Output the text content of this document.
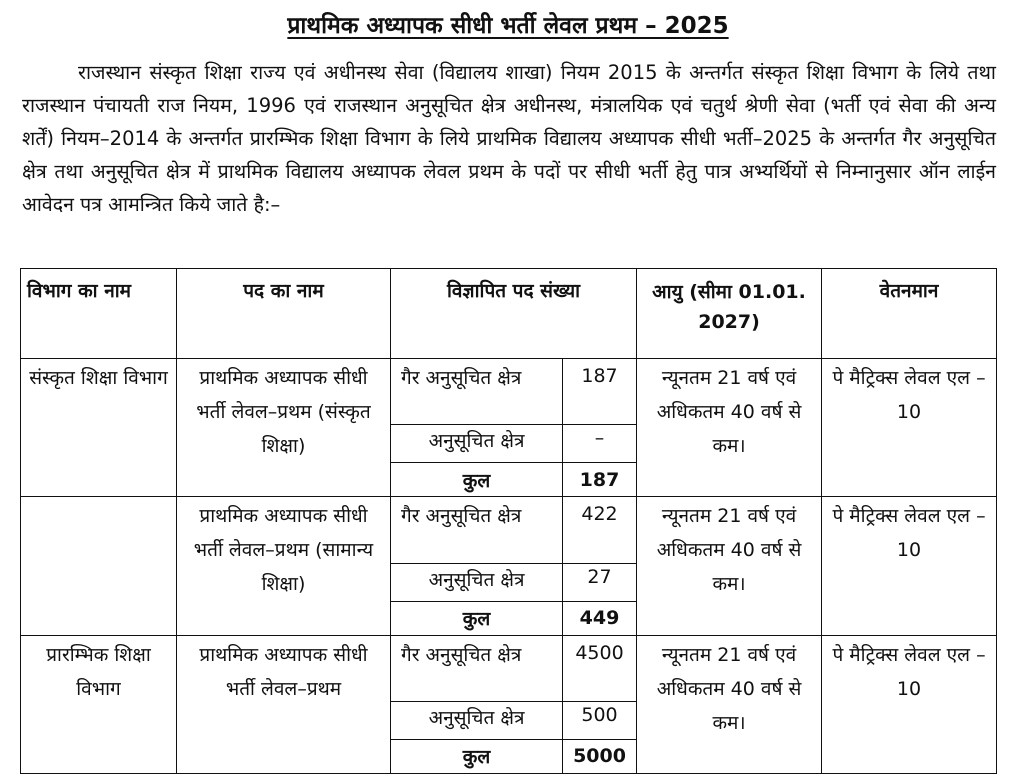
प्राथमिक अध्यापक सीधी भर्ती लेवल प्रथम – 2025

राजस्थान संस्कृत शिक्षा राज्य एवं अधीनस्थ सेवा (विद्यालय शाखा) नियम 2015 के अन्तर्गत संस्कृत शिक्षा विभाग के लिये तथा राजस्थान पंचायती राज नियम, 1996 एवं राजस्थान अनुसूचित क्षेत्र अधीनस्थ, मंत्रालयिक एवं चतुर्थ श्रेणी सेवा (भर्ती एवं सेवा की अन्य शर्तें) नियम–2014 के अन्तर्गत प्रारम्भिक शिक्षा विभाग के लिये प्राथमिक विद्यालय अध्यापक सीधी भर्ती–2025 के अन्तर्गत गैर अनुसूचित क्षेत्र तथा अनुसूचित क्षेत्र में प्राथमिक विद्यालय अध्यापक लेवल प्रथम के पदों पर सीधी भर्ती हेतु पात्र अभ्यर्थियों से निम्नानुसार ऑन लाईन आवेदन पत्र आमन्त्रित किये जाते है:–

विभाग का नाम	पद का नाम	विज्ञापित पद संख्या		आयु (सीमा 01.01. 2027)	वेतनमान
संस्कृत शिक्षा विभाग	प्राथमिक अध्यापक सीधी भर्ती लेवल–प्रथम (संस्कृत शिक्षा)	गैर अनुसूचित क्षेत्र	187	न्यूनतम 21 वर्ष एवं अधिकतम 40 वर्ष से कम।	पे मैट्रिक्स लेवल एल – 10
		अनुसूचित क्षेत्र	–		
		कुल	187		
	प्राथमिक अध्यापक सीधी भर्ती लेवल–प्रथम (सामान्य शिक्षा)	गैर अनुसूचित क्षेत्र	422	न्यूनतम 21 वर्ष एवं अधिकतम 40 वर्ष से कम।	पे मैट्रिक्स लेवल एल – 10
		अनुसूचित क्षेत्र	27		
		कुल	449		
प्रारम्भिक शिक्षा विभाग	प्राथमिक अध्यापक सीधी भर्ती लेवल–प्रथम	गैर अनुसूचित क्षेत्र	4500	न्यूनतम 21 वर्ष एवं अधिकतम 40 वर्ष से कम।	पे मैट्रिक्स लेवल एल – 10
		अनुसूचित क्षेत्र	500		
		कुल	5000		
